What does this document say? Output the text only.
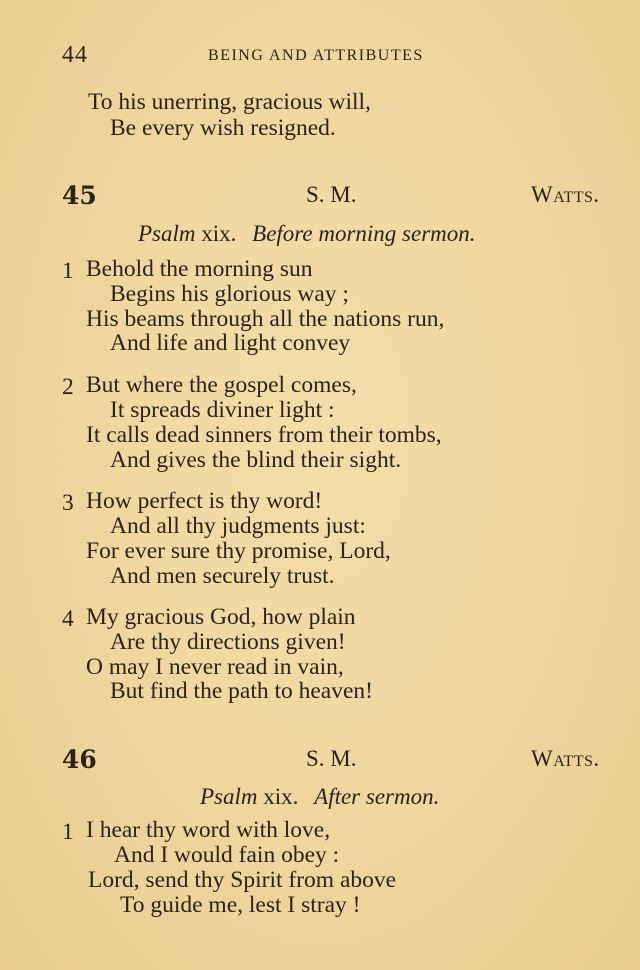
44	BEING AND ATTRIBUTES
To his unerring, gracious will,
Be every wish resigned.
45	S. M.	Watts.
Psalm xix. Before morning sermon.
1 Behold the morning sun
Begins his glorious way ;
His beams through all the nations run,
And life and light convey
2 But where the gospel comes,
It spreads diviner light :
It calls dead sinners from their tombs,
And gives the blind their sight.
3 How perfect is thy word!
And all thy judgments just:
For ever sure thy promise, Lord,
And men securely trust.
4 My gracious God, how plain
Are thy directions given!
O may I never read in vain,
But find the path to heaven!
46	S. M.	Watts.
Psalm xix. After sermon.
1 I hear thy word with love,
And I would fain obey :
Lord, send thy Spirit from above
To guide me, lest I stray !
